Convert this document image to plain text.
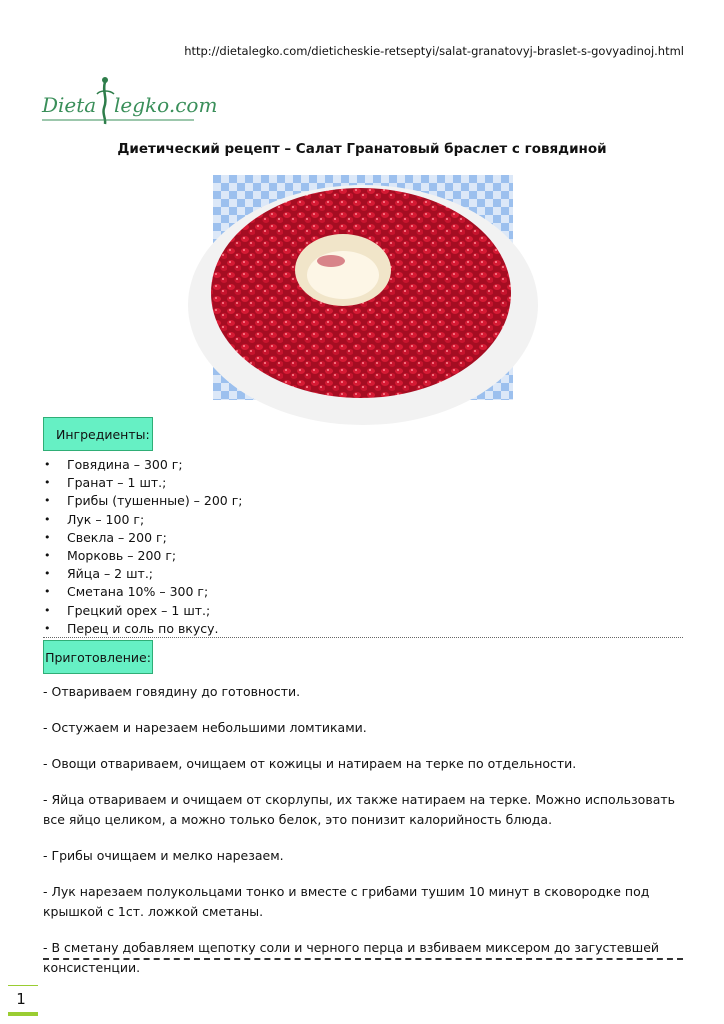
http://dietalegko.com/dieticheskie-retseptyi/salat-granatovyj-braslet-s-govyadinoj.html
Dieta legko.com
Диетический рецепт – Салат Гранатовый браслет с говядиной
Ингредиенты:
• Говядина – 300 г;
• Гранат – 1 шт.;
• Грибы (тушенные) – 200 г;
• Лук – 100 г;
• Свекла – 200 г;
• Морковь – 200 г;
• Яйца – 2 шт.;
• Сметана 10% – 300 г;
• Грецкий орех – 1 шт.;
• Перец и соль по вкусу.
Приготовление:

- Отвариваем говядину до готовности.

- Остужаем и нарезаем небольшими ломтиками.

- Овощи отвариваем, очищаем от кожицы и натираем на терке по отдельности.

- Яйца отвариваем и очищаем от скорлупы, их также натираем на терке. Можно использовать все яйцо целиком, а можно только белок, это понизит калорийность блюда.

- Грибы очищаем и мелко нарезаем.

- Лук нарезаем полукольцами тонко и вместе с грибами тушим 10 минут в сковородке под крышкой с 1ст. ложкой сметаны.

- В сметану добавляем щепотку соли и черного перца и взбиваем миксером до загустевшей консистенции.

1
